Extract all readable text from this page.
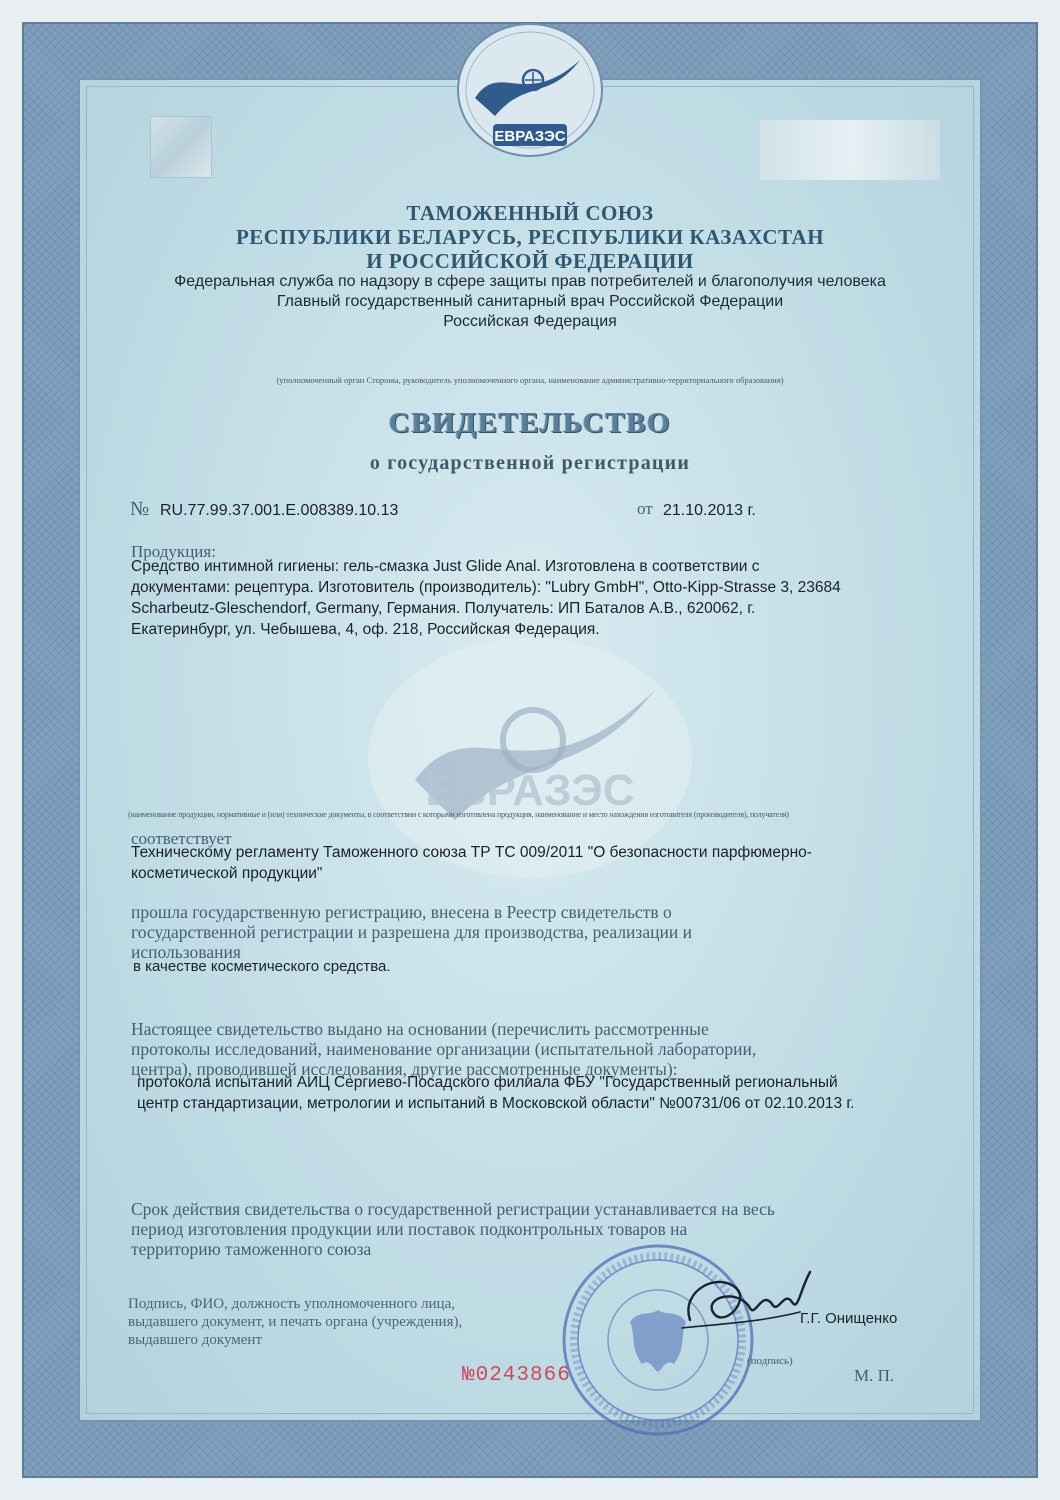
ЕВРАЗЭС
ЕВРАЗЭС
ТАМОЖЕННЫЙ СОЮЗ
РЕСПУБЛИКИ БЕЛАРУСЬ, РЕСПУБЛИКИ КАЗАХСТАН
И РОССИЙСКОЙ ФЕДЕРАЦИИ
Федеральная служба по надзору в сфере защиты прав потребителей и благополучия человека
Главный государственный санитарный врач Российской Федерации
Российская Федерация
(уполномоченный орган Стороны, руководитель уполномоченного органа, наименование административно-территориального образования)
СВИДЕТЕЛЬСТВО
о государственной регистрации
№ RU.77.99.37.001.E.008389.10.13	от 21.10.2013 г.
Продукция:
Средство интимной гигиены: гель-смазка Just Glide Anal. Изготовлена в соответствии с
документами: рецептура. Изготовитель (производитель): "Lubry GmbH", Otto-Kipp-Strasse 3, 23684
Scharbeutz-Gleschendorf, Germany, Германия. Получатель: ИП Баталов А.В., 620062, г.
Екатеринбург, ул. Чебышева, 4, оф. 218, Российская Федерация.
(наименование продукции, нормативные и (или) технические документы, в соответствии с которыми изготовлена продукция, наименование и место нахождения изготовителя (производителя), получателя)
соответствует
Техническому регламенту Таможенного союза ТР ТС 009/2011 "О безопасности парфюмерно-
косметической продукции"
прошла государственную регистрацию, внесена в Реестр свидетельств о
государственной регистрации и разрешена для производства, реализации и
использования
в качестве косметического средства.
Настоящее свидетельство выдано на основании (перечислить рассмотренные
протоколы исследований, наименование организации (испытательной лаборатории,
центра), проводившей исследования, другие рассмотренные документы):
протокола испытаний АИЦ Сергиево-Посадского филиала ФБУ "Государственный региональный
центр стандартизации, метрологии и испытаний в Московской области" №00731/06 от 02.10.2013 г.
Срок действия свидетельства о государственной регистрации устанавливается на весь
период изготовления продукции или поставок подконтрольных товаров на
территорию таможенного союза
Подпись, ФИО, должность уполномоченного лица,
выдавшего документ, и печать органа (учреждения),
выдавшего документ
Г.Г. Онищенко
(подпись)
№0243866	М. П.
